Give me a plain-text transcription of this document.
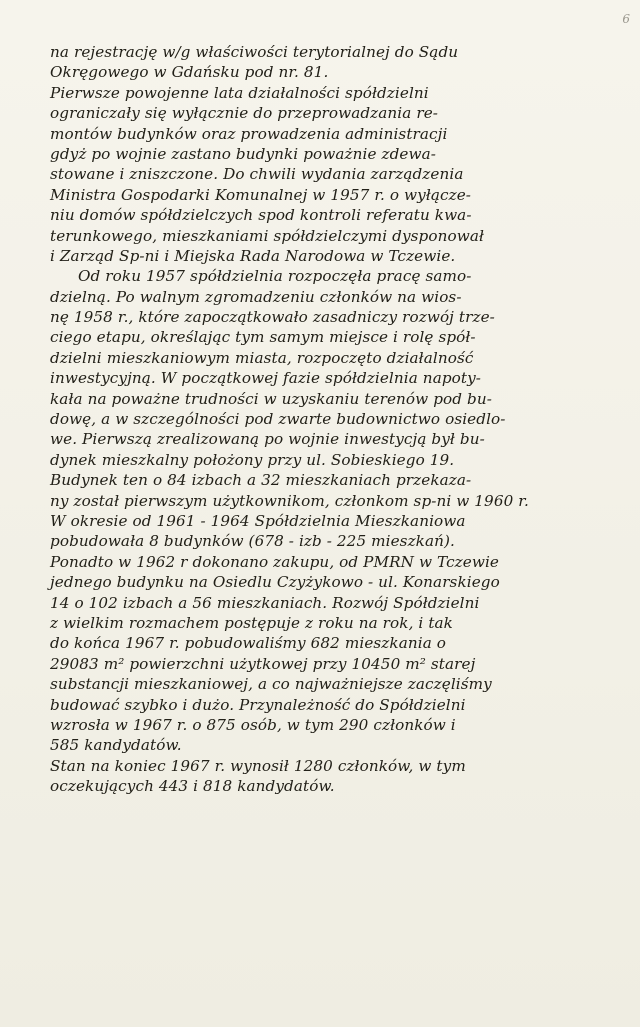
6
na rejestrację w/g właściwości terytorialnej do Sądu
Okręgowego w Gdańsku pod nr. 81.
Pierwsze powojenne lata działalności spółdzielni
ograniczały się wyłącznie do przeprowadzania re-
montów budynków oraz prowadzenia administracji
gdyż po wojnie zastano budynki poważnie zdewa-
stowane i zniszczone. Do chwili wydania zarządzenia
Ministra Gospodarki Komunalnej w 1957 r. o wyłącze-
niu domów spółdzielczych spod kontroli referatu kwa-
terunkowego, mieszkaniami spółdzielczymi dysponował
i Zarząd Sp-ni i Miejska Rada Narodowa w Tczewie.
Od roku 1957 spółdzielnia rozpoczęła pracę samo-
dzielną. Po walnym zgromadzeniu członków na wios-
nę 1958 r., które zapoczątkowało zasadniczy rozwój trze-
ciego etapu, określając tym samym miejsce i rolę spół-
dzielni mieszkaniowym miasta, rozpoczęto działalność
inwestycyjną. W początkowej fazie spółdzielnia napoty-
kała na poważne trudności w uzyskaniu terenów pod bu-
dowę, a w szczególności pod zwarte budownictwo osiedlo-
we. Pierwszą zrealizowaną po wojnie inwestycją był bu-
dynek mieszkalny położony przy ul. Sobieskiego 19.
Budynek ten o 84 izbach a 32 mieszkaniach przekaza-
ny został pierwszym użytkownikom, członkom sp-ni w 1960 r.
W okresie od 1961 - 1964 Spółdzielnia Mieszkaniowa
pobudowała 8 budynków (678 - izb - 225 mieszkań).
Ponadto w 1962 r dokonano zakupu, od PMRN w Tczewie
jednego budynku na Osiedlu Czyżykowo - ul. Konarskiego
14 o 102 izbach a 56 mieszkaniach. Rozwój Spółdzielni
z wielkim rozmachem postępuje z roku na rok, i tak
do końca 1967 r. pobudowaliśmy 682 mieszkania o
29083 m² powierzchni użytkowej przy 10450 m² starej
substancji mieszkaniowej, a co najważniejsze zaczęliśmy
budować szybko i dużo. Przynależność do Spółdzielni
wzrosła w 1967 r. o 875 osób, w tym 290 członków i
585 kandydatów.
Stan na koniec 1967 r. wynosił 1280 członków, w tym
oczekujących 443 i 818 kandydatów.
